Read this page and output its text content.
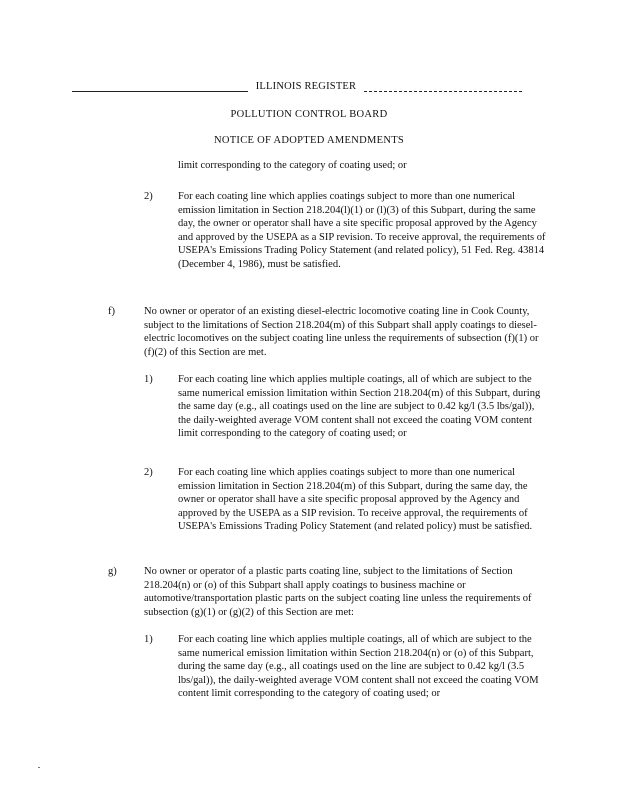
ILLINOIS REGISTER
POLLUTION CONTROL BOARD
NOTICE OF ADOPTED AMENDMENTS

limit corresponding to the category of coating used; or

2) For each coating line which applies coatings subject to more than one numerical emission limitation in Section 218.204(l)(1) or (l)(3) of this Subpart, during the same day, the owner or operator shall have a site specific proposal approved by the Agency and approved by the USEPA as a SIP revision. To receive approval, the requirements of USEPA's Emissions Trading Policy Statement (and related policy), 51 Fed. Reg. 43814 (December 4, 1986), must be satisfied.

f)	No owner or operator of an existing diesel-electric locomotive coating line in Cook County, subject to the limitations of Section 218.204(m) of this Subpart shall apply coatings to diesel-electric locomotives on the subject coating line unless the requirements of subsection (f)(1) or (f)(2) of this Section are met.

1) For each coating line which applies multiple coatings, all of which are subject to the same numerical emission limitation within Section 218.204(m) of this Subpart, during the same day (e.g., all coatings used on the line are subject to 0.42 kg/l (3.5 lbs/gal)), the daily-weighted average VOM content shall not exceed the coating VOM content limit corresponding to the category of coating used; or

2) For each coating line which applies coatings subject to more than one numerical emission limitation in Section 218.204(m) of this Subpart, during the same day, the owner or operator shall have a site specific proposal approved by the Agency and approved by the USEPA as a SIP revision. To receive approval, the requirements of USEPA's Emissions Trading Policy Statement (and related policy) must be satisfied.

g)	No owner or operator of a plastic parts coating line, subject to the limitations of Section 218.204(n) or (o) of this Subpart shall apply coatings to business machine or automotive/transportation plastic parts on the subject coating line unless the requirements of subsection (g)(1) or (g)(2) of this Section are met:

1) For each coating line which applies multiple coatings, all of which are subject to the same numerical emission limitation within Section 218.204(n) or (o) of this Subpart, during the same day (e.g., all coatings used on the line are subject to 0.42 kg/l (3.5 lbs/gal)), the daily-weighted average VOM content shall not exceed the coating VOM content limit corresponding to the category of coating used; or
